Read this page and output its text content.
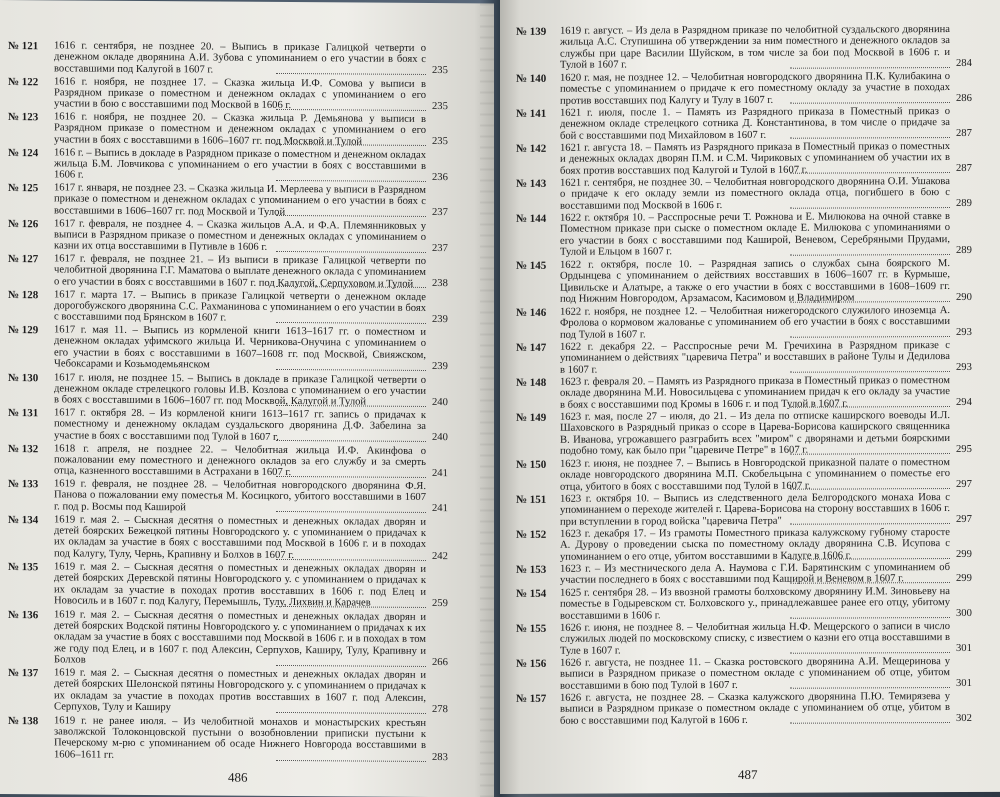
№ 121 1616 г. сентября, не позднее 20. – Выпись в приказе Галицкой четверти о денежном окладе дворянина А.И. Зубова с упоминанием о его участии в боях с восставшими под Калугой в 1607 г.	235
№ 122 1616 г. ноября, не позднее 17. – Сказка жильца И.Ф. Сомова у выписи в Разрядном приказе о поместном и денежном окладах с упоминанием о его участии в бою с восставшими под Москвой в 1606 г.	235
№ 123 1616 г. ноября, не позднее 20. – Сказка жильца Р. Демьянова у выписи в Разрядном приказе о поместном и денежном окладах с упоминанием о его участии в боях с восставшими в 1606–1607 гг. под Москвой и Тулой	235
№ 124 1616 г. – Выпись в докладе в Разрядном приказе о поместном и денежном окладах жильца Б.М. Ловчикова с упоминанием о его участии в боях с восставшими в 1606 г.	236
№ 125 1617 г. января, не позднее 23. – Сказка жильца И. Мерлеева у выписи в Разрядном приказе о поместном и денежном окладах с упоминанием о его участии в боях с восставшими в 1606–1607 гг. под Москвой и Тулой	237
№ 126 1617 г. февраля, не позднее 4. – Сказка жильцов А.А. и Ф.А. Племянниковых у выписи в Разрядном приказе о поместном и денежных окладах с упоминанием о казни их отца восставшими в Путивле в 1606 г.	237
№ 127 1617 г. февраля, не позднее 21. – Из выписи в приказе Галицкой четверти по челобитной дворянина Г.Г. Маматова о выплате денежного оклада с упоминанием о его участии в боях с восставшими в 1607 г. под Калугой, Серпуховом и Тулой	238
№ 128 1617 г. марта 17. – Выпись в приказе Галицкой четверти о денежном окладе дорогобужского дворянина С.С. Рахманинова с упоминанием о его участии в боях с восставшими под Брянском в 1607 г.	239
№ 129 1617 г. мая 11. – Выпись из кормленой книги 1613–1617 гг. о поместном и денежном окладах уфимского жильца И. Черникова-Онучина с упоминанием о его участии в боях с восставшими в 1607–1608 гг. под Москвой, Свияжском, Чебоксарами и Козьмодемьянском	239
№ 130 1617 г. июля, не позднее 15. – Выпись в докладе в приказе Галицкой четверти о денежном окладе стрелецкого головы И.В. Козлова с упоминанием о его участии в боях с восставшими в 1606–1607 гг. под Москвой, Калугой и Тулой	240
№ 131 1617 г. октября 28. – Из кормленой книги 1613–1617 гг. запись о придачах к поместному и денежному окладам суздальского дворянина Д.Ф. Забелина за участие в боях с восставшими под Тулой в 1607 г.	240
№ 132 1618 г. апреля, не позднее 22. – Челобитная жильца И.Ф. Акинфова о пожаловании ему поместного и денежного окладов за его службу и за смерть отца, казненного восставшими в Астрахани в 1607 г.	241
№ 133 1619 г. февраля, не позднее 28. – Челобитная новгородского дворянина Ф.Я. Панова о пожаловании ему поместья М. Косицкого, убитого восставшими в 1607 г. под р. Восмы под Каширой	241
№ 134 1619 г. мая 2. – Сыскная десятня о поместных и денежных окладах дворян и детей боярских Бежецкой пятины Новгородского у. с упоминанием о придачах к их окладам за участие в боях с восставшими под Москвой в 1606 г. и в походах под Калугу, Тулу, Чернь, Крапивну и Болхов в 1607 г.	242
№ 135 1619 г. мая 2. – Сыскная десятня о поместных и денежных окладах дворян и детей боярских Деревской пятины Новгородского у. с упоминанием о придачах к их окладам за участие в походах против восставших в 1606 г. под Елец и Новосиль и в 1607 г. под Калугу, Перемышль, Тулу, Лихвин и Карачев	259
№ 136 1619 г. мая 2. – Сыскная десятня о поместных и денежных окладах дворян и детей боярских Водской пятины Новгородского у. с упоминанием о придачах к их окладам за участие в боях с восставшими под Москвой в 1606 г. и в походах в том же году под Елец, и в 1607 г. под Алексин, Серпухов, Каширу, Тулу, Крапивну и Болхов	266
№ 137 1619 г. мая 2. – Сыскная десятня о поместных и денежных окладах дворян и детей боярских Шелонской пятины Новгородского у. с упоминанием о придачах к их окладам за участие в походах против восставших в 1607 г. под Алексин, Серпухов, Тулу и Каширу	278
№ 138 1619 г. не ранее июля. – Из челобитной монахов и монастырских крестьян заволжской Толоконцовской пустыни о возобновлении приписки пустыни к Печерскому м-рю с упоминанием об осаде Нижнего Новгорода восставшими в 1606–1611 гг.	283
486
№ 139 1619 г. август. – Из дела в Разрядном приказе по челобитной суздальского дворянина жильца А.С. Ступишина об утверждении за ним поместного и денежного окладов за службы при царе Василии Шуйском, в том числе за бои под Москвой в 1606 г. и Тулой в 1607 г.	284
№ 140 1620 г. мая, не позднее 12. – Челобитная новгородского дворянина П.К. Кулибакина о поместье с упоминанием о придаче к его поместному окладу за участие в походах против восставших под Калугу и Тулу в 1607 г.	286
№ 141 1621 г. июля, после 1. – Память из Разрядного приказа в Поместный приказ о денежном окладе стрелецкого сотника Д. Константинова, в том числе о придаче за бой с восставшими под Михайловом в 1607 г.	287
№ 142 1621 г. августа 18. – Память из Разрядного приказа в Поместный приказ о поместных и денежных окладах дворян П.М. и С.М. Чириковых с упоминанием об участии их в боях против восставших под Калугой и Тулой в 1607 г.	287
№ 143 1621 г. сентября, не позднее 30. – Челобитная новгородского дворянина О.И. Ушакова о придаче к его окладу земли из поместного оклада отца, погибшего в бою с восставшими под Москвой в 1606 г.	289
№ 144 1622 г. октября 10. – Расспросные речи Т. Рожнова и Е. Милюкова на очной ставке в Поместном приказе при сыске о поместном окладе Е. Милюкова с упоминаниями о его участии в боях с восставшими под Каширой, Веневом, Серебряными Прудами, Тулой и Ельцом в 1607 г.	289
№ 145 1622 г. октября, после 10. – Разрядная запись о службах сына боярского М. Ордынцева с упоминанием о действиях восставших в 1606–1607 гг. в Курмыше, Цивильске и Алатыре, а также о его участии в боях с восставшими в 1608–1609 гг. под Нижним Новгородом, Арзамасом, Касимовом и Владимиром	290
№ 146 1622 г. ноября, не позднее 12. – Челобитная нижегородского служилого иноземца А. Фролова о кормовом жалованье с упоминанием об его участии в боях с восставшими под Тулой в 1607 г.	293
№ 147 1622 г. декабря 22. – Расспросные речи М. Гречихина в Разрядном приказе с упоминанием о действиях "царевича Петра" и восставших в районе Тулы и Дедилова в 1607 г.	293
№ 148 1623 г. февраля 20. – Память из Разрядного приказа в Поместный приказ о поместном окладе дворянина М.И. Новосильцева с упоминанием придач к его окладу за участие в боях с восставшими под Кромы в 1606 г. и под Тулой в 1607 г.	294
№ 149 1623 г. мая, после 27 – июля, до 21. – Из дела по отписке каширского воеводы И.Л. Шаховского в Разрядный приказ о ссоре в Царева-Борисова каширского священника В. Иванова, угрожавшего разграбить всех "миром" с дворянами и детьми боярскими подобно тому, как было при "царевиче Петре" в 1607 г.	295
№ 150 1623 г. июня, не позднее 7. – Выпись в Новгородской приказной палате о поместном окладе новгородского дворянина М.П. Скобельцына с упоминанием о поместье его отца, убитого в боях с восставшими под Тулой в 1607 г.	297
№ 151 1623 г. октября 10. – Выпись из следственного дела Белгородского монаха Иова с упоминанием о переходе жителей г. Царева-Борисова на сторону восставших в 1606 г. при вступлении в город войска "царевича Петра"	297
№ 152 1623 г. декабря 17. – Из грамоты Поместного приказа калужскому губному старосте А. Дурову о проведении сыска по поместному окладу дворянина С.В. Исупова с упоминанием о его отце, убитом восставшими в Калуге в 1606 г.	299
№ 153 1623 г. – Из местнического дела А. Наумова с Г.И. Барятинским с упоминанием об участии последнего в боях с восставшими под Каширой и Веневом в 1607 г.	299
№ 154 1625 г. сентября 28. – Из ввозной грамоты болховскому дворянину И.М. Зиновьеву на поместье в Годыревском ст. Болховского у., принадлежавшее ранее его отцу, убитому восставшими в 1606 г.	300
№ 155 1626 г. июня, не позднее 8. – Челобитная жильца Н.Ф. Мещерского о записи в число служилых людей по московскому списку, с известием о казни его отца восставшими в Туле в 1607 г.	301
№ 156 1626 г. августа, не позднее 11. – Сказка ростовского дворянина А.И. Мещеринова у выписи в Разрядном приказе о поместном окладе с упоминанием об отце, убитом восставшими в бою под Тулой в 1607 г.	301
№ 157 1626 г. августа, не позднее 28. – Сказка калужского дворянина П.Ю. Темирязева у выписи в Разрядном приказе о поместном окладе с упоминанием об отце, убитом в бою с восставшими под Калугой в 1606 г.	302
487
